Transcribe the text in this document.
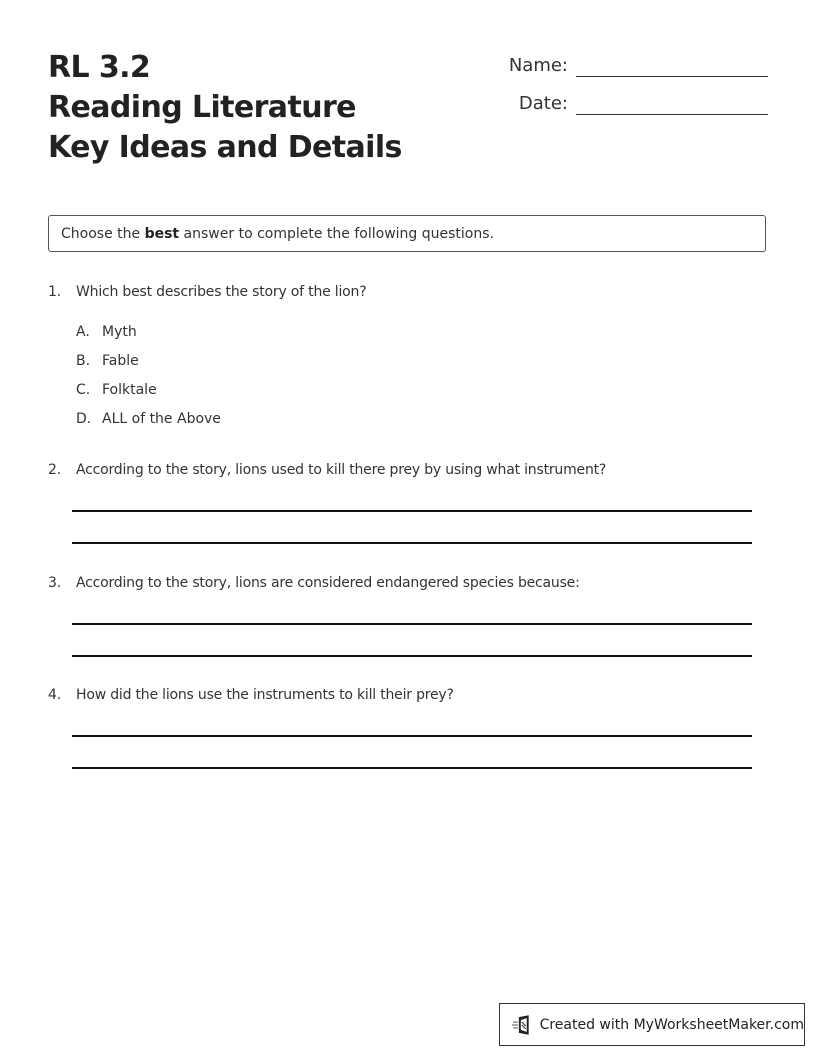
RL 3.2
Reading Literature
Key Ideas and Details
Name:
Date:
Choose the best answer to complete the following questions.
1. Which best describes the story of the lion?
A. Myth
B. Fable
C. Folktale
D. ALL of the Above
2. According to the story, lions used to kill there prey by using what instrument?
3. According to the story, lions are considered endangered species because:
4. How did the lions use the instruments to kill their prey?
Created with MyWorksheetMaker.com
